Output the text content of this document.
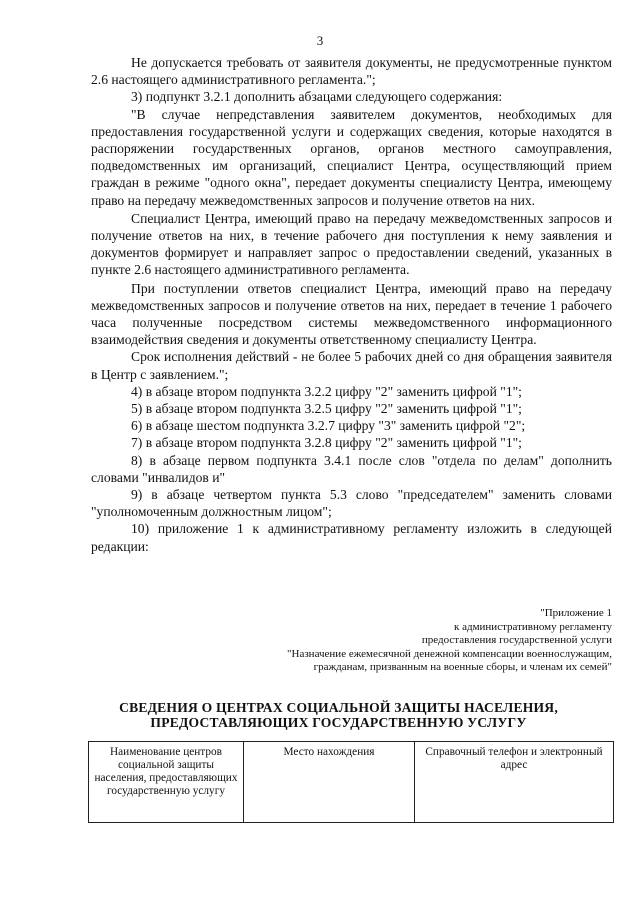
3

Не допускается требовать от заявителя документы, не предусмотренные пунктом 2.6 настоящего административного регламента.";

3) подпункт 3.2.1 дополнить абзацами следующего содержания:

"В случае непредставления заявителем документов, необходимых для предоставления государственной услуги и содержащих сведения, которые находятся в распоряжении государственных органов, органов местного самоуправления, подведомственных им организаций, специалист Центра, осуществляющий прием граждан в режиме "одного окна", передает документы специалисту Центра, имеющему право на передачу межведомственных запросов и получение ответов на них.

Специалист Центра, имеющий право на передачу межведомственных запросов и получение ответов на них, в течение рабочего дня поступления к нему заявления и документов формирует и направляет запрос о предоставлении сведений, указанных в пункте 2.6 настоящего административного регламента.

При поступлении ответов специалист Центра, имеющий право на передачу межведомственных запросов и получение ответов на них, передает в течение 1 рабочего часа полученные посредством системы межведомственного информационного взаимодействия сведения и документы ответственному специалисту Центра.

Срок исполнения действий - не более 5 рабочих дней со дня обращения заявителя в Центр с заявлением.";

4) в абзаце втором подпункта 3.2.2 цифру "2" заменить цифрой "1";

5) в абзаце втором подпункта 3.2.5 цифру "2" заменить цифрой "1";

6) в абзаце шестом подпункта 3.2.7 цифру "3" заменить цифрой "2";

7) в абзаце втором подпункта 3.2.8 цифру "2" заменить цифрой "1";

8) в абзаце первом подпункта 3.4.1 после слов "отдела по делам" дополнить словами "инвалидов и"

9) в абзаце четвертом пункта 5.3 слово "председателем" заменить словами "уполномоченным должностным лицом";

10) приложение 1 к административному регламенту изложить в следующей редакции:

"Приложение 1
к административному регламенту
предоставления государственной услуги
"Назначение ежемесячной денежной компенсации военнослужащим,
гражданам, призванным на военные сборы, и членам их семей"
СВЕДЕНИЯ О ЦЕНТРАХ СОЦИАЛЬНОЙ ЗАЩИТЫ НАСЕЛЕНИЯ,
ПРЕДОСТАВЛЯЮЩИХ ГОСУДАРСТВЕННУЮ УСЛУГУ
Наименование центров социальной защиты населения, предоставляющих государственную услугу	Место нахождения	Справочный телефон и электронный адрес
